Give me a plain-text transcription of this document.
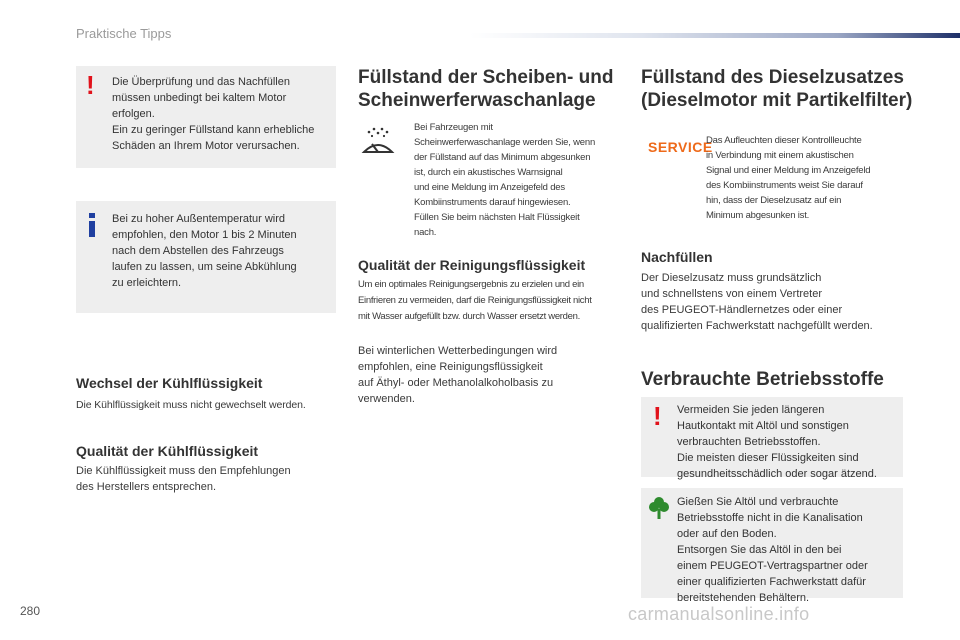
Praktische Tipps
! Die Überprüfung und das Nachfüllen
müssen unbedingt bei kaltem Motor
erfolgen.
Ein zu geringer Füllstand kann erhebliche
Schäden an Ihrem Motor verursachen.
Bei zu hoher Außentemperatur wird
empfohlen, den Motor 1 bis 2 Minuten
nach dem Abstellen des Fahrzeugs
laufen zu lassen, um seine Abkühlung
zu erleichtern.
Wechsel der Kühlflüssigkeit
Die Kühlflüssigkeit muss nicht gewechselt werden.
Qualität der Kühlflüssigkeit
Die Kühlflüssigkeit muss den Empfehlungen
des Herstellers entsprechen.
Füllstand der Scheiben- und
Scheinwerferwaschanlage
Bei Fahrzeugen mit
Scheinwerferwaschanlage werden Sie, wenn
der Füllstand auf das Minimum abgesunken
ist, durch ein akustisches Warnsignal
und eine Meldung im Anzeigefeld des
Kombiinstruments darauf hingewiesen.
Füllen Sie beim nächsten Halt Flüssigkeit
nach.
Qualität der Reinigungsflüssigkeit
Um ein optimales Reinigungsergebnis zu erzielen und ein
Einfrieren zu vermeiden, darf die Reinigungsflüssigkeit nicht
mit Wasser aufgefüllt bzw. durch Wasser ersetzt werden.
Bei winterlichen Wetterbedingungen wird
empfohlen, eine Reinigungsflüssigkeit
auf Äthyl- oder Methanolalkoholbasis zu
verwenden.
Füllstand des Dieselzusatzes
(Dieselmotor mit Partikelfilter)
SERVICE
Das Aufleuchten dieser Kontrollleuchte
in Verbindung mit einem akustischen
Signal und einer Meldung im Anzeigefeld
des Kombiinstruments weist Sie darauf
hin, dass der Dieselzusatz auf ein
Minimum abgesunken ist.
Nachfüllen
Der Dieselzusatz muss grundsätzlich
und schnellstens von einem Vertreter
des PEUGEOT-Händlernetzes oder einer
qualifizierten Fachwerkstatt nachgefüllt werden.
Verbrauchte Betriebsstoffe
! Vermeiden Sie jeden längeren
Hautkontakt mit Altöl und sonstigen
verbrauchten Betriebsstoffen.
Die meisten dieser Flüssigkeiten sind
gesundheitsschädlich oder sogar ätzend.
Gießen Sie Altöl und verbrauchte
Betriebsstoffe nicht in die Kanalisation
oder auf den Boden.
Entsorgen Sie das Altöl in den bei
einem PEUGEOT-Vertragspartner oder
einer qualifizierten Fachwerkstatt dafür
bereitstehenden Behältern.
280	carmanualsonline.info
